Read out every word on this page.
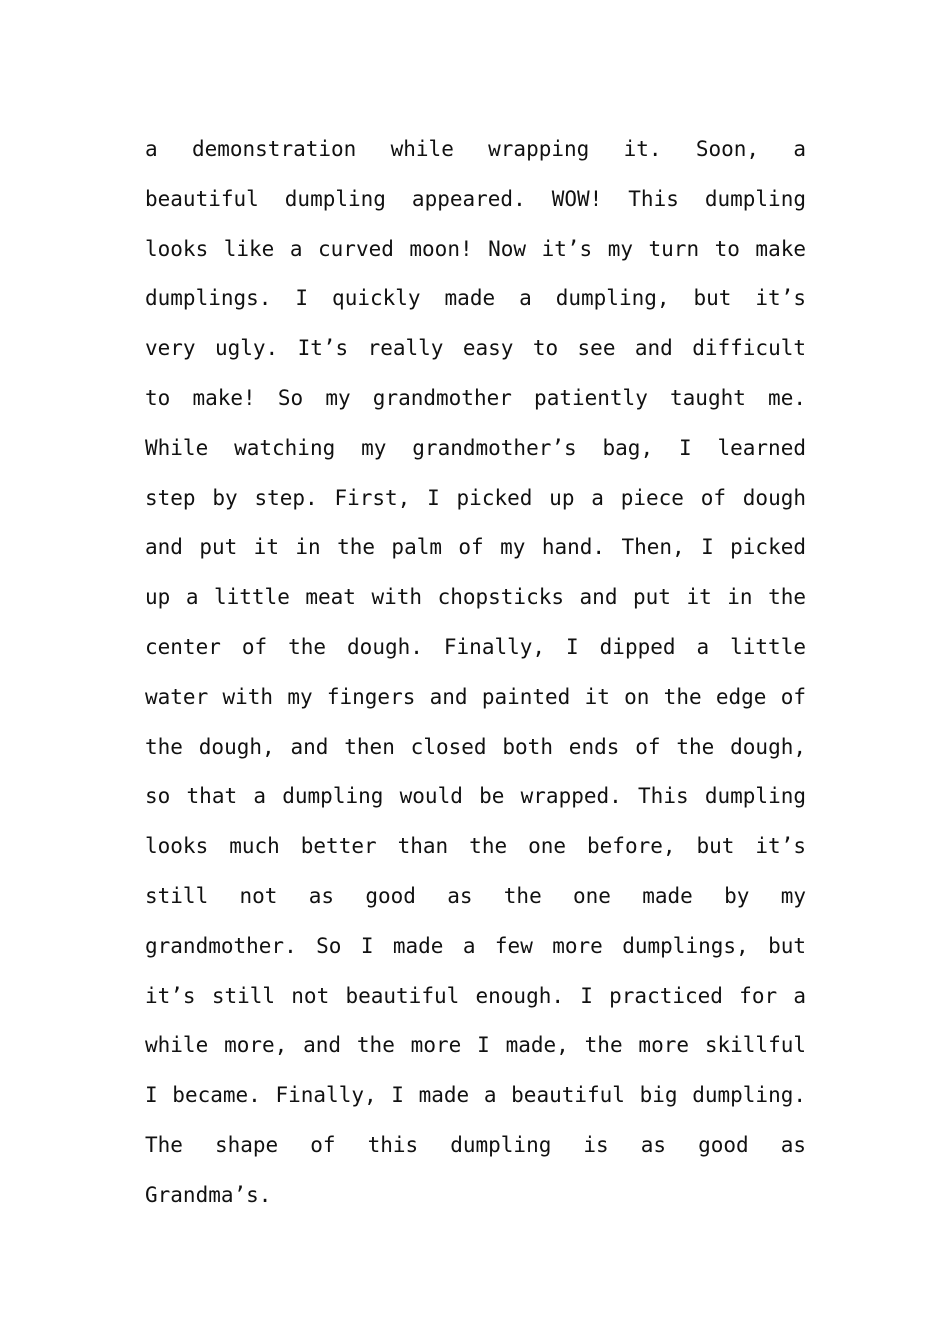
a demonstration while wrapping it. Soon, a
beautiful dumpling appeared. WOW! This dumpling
looks like a curved moon! Now it’s my turn to make
dumplings. I quickly made a dumpling, but it’s
very ugly. It’s really easy to see and difficult
to make! So my grandmother patiently taught me.
While watching my grandmother’s bag, I learned
step by step. First, I picked up a piece of dough
and put it in the palm of my hand. Then, I picked
up a little meat with chopsticks and put it in the
center of the dough. Finally, I dipped a little
water with my fingers and painted it on the edge of
the dough, and then closed both ends of the dough,
so that a dumpling would be wrapped. This dumpling
looks much better than the one before, but it’s
still not as good as the one made by my
grandmother. So I made a few more dumplings, but
it’s still not beautiful enough. I practiced for a
while more, and the more I made, the more skillful
I became. Finally, I made a beautiful big dumpling.
The shape of this dumpling is as good as
Grandma’s.
